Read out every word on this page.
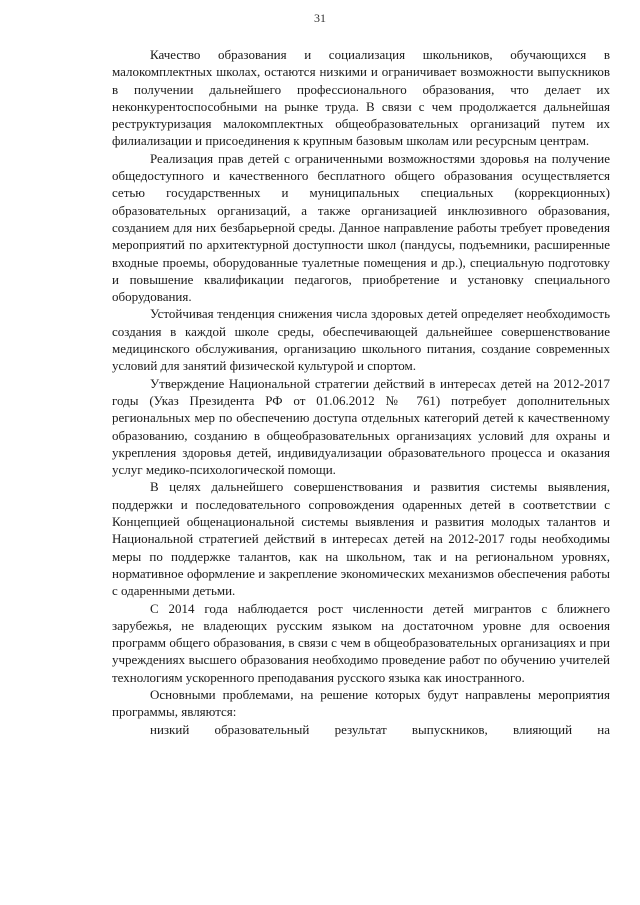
31

Качество образования и социализация школьников, обучающихся в малокомплектных школах, остаются низкими и ограничивает возможности выпускников в получении дальнейшего профессионального образования, что делает их неконкурентоспособными на рынке труда. В связи с чем продолжается дальнейшая реструктуризация малокомплектных общеобразовательных организаций путем их филиализации и присоединения к крупным базовым школам или ресурсным центрам.

Реализация прав детей с ограниченными возможностями здоровья на получение общедоступного и качественного бесплатного общего образования осуществляется сетью государственных и муниципальных специальных (коррекционных) образовательных организаций, а также организацией инклюзивного образования, созданием для них безбарьерной среды. Данное направление работы требует проведения мероприятий по архитектурной доступности школ (пандусы, подъемники, расширенные входные проемы, оборудованные туалетные помещения и др.), специальную подготовку и повышение квалификации педагогов, приобретение и установку специального оборудования.

Устойчивая тенденция снижения числа здоровых детей определяет необходимость создания в каждой школе среды, обеспечивающей дальнейшее совершенствование медицинского обслуживания, организацию школьного питания, создание современных условий для занятий физической культурой и спортом.

Утверждение Национальной стратегии действий в интересах детей на 2012-2017 годы (Указ Президента РФ от 01.06.2012 № 761) потребует дополнительных региональных мер по обеспечению доступа отдельных категорий детей к качественному образованию, созданию в общеобразовательных организациях условий для охраны и укрепления здоровья детей, индивидуализации образовательного процесса и оказания услуг медико-психологической помощи.

В целях дальнейшего совершенствования и развития системы выявления, поддержки и последовательного сопровождения одаренных детей в соответствии с Концепцией общенациональной системы выявления и развития молодых талантов и Национальной стратегией действий в интересах детей на 2012-2017 годы необходимы меры по поддержке талантов, как на школьном, так и на региональном уровнях, нормативное оформление и закрепление экономических механизмов обеспечения работы с одаренными детьми.

С 2014 года наблюдается рост численности детей мигрантов с ближнего зарубежья, не владеющих русским языком на достаточном уровне для освоения программ общего образования, в связи с чем в общеобразовательных организациях и при учреждениях высшего образования необходимо проведение работ по обучению учителей технологиям ускоренного преподавания русского языка как иностранного.

Основными проблемами, на решение которых будут направлены мероприятия программы, являются:

низкий образовательный результат выпускников, влияющий на
